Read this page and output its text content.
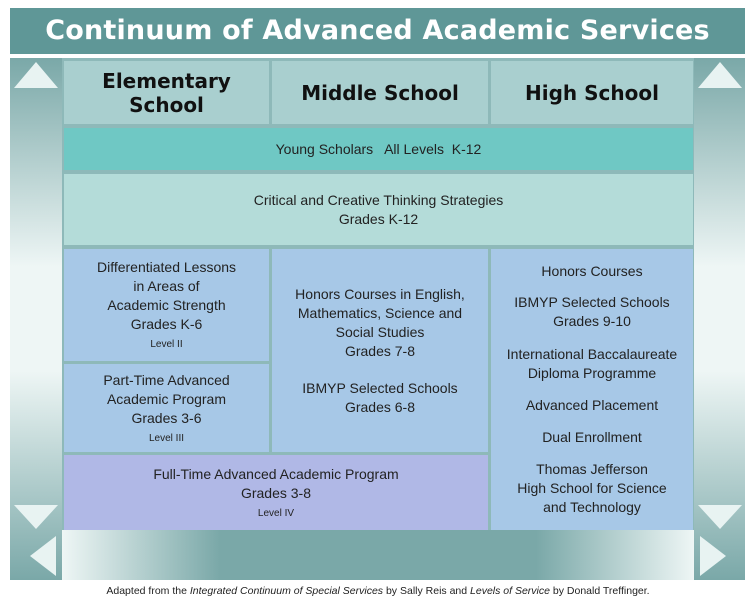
Continuum of Advanced Academic Services
Elementary School	Middle School	High School
Young Scholars   All Levels  K-12
Critical and Creative Thinking Strategies
Grades K-12
Differentiated Lessons
in Areas of
Academic Strength
Grades K-6
Level II
Part-Time Advanced
Academic Program
Grades 3-6
Level III
Honors Courses in English,
Mathematics, Science and
Social Studies
Grades 7-8
IBMYP Selected Schools
Grades 6-8
Honors Courses
IBMYP Selected Schools
Grades 9-10
International Baccalaureate
Diploma Programme
Advanced Placement
Dual Enrollment
Thomas Jefferson
High School for Science
and Technology
Full-Time Advanced Academic Program
Grades 3-8
Level IV
Adapted from the Integrated Continuum of Special Services by Sally Reis and Levels of Service by Donald Treffinger.
